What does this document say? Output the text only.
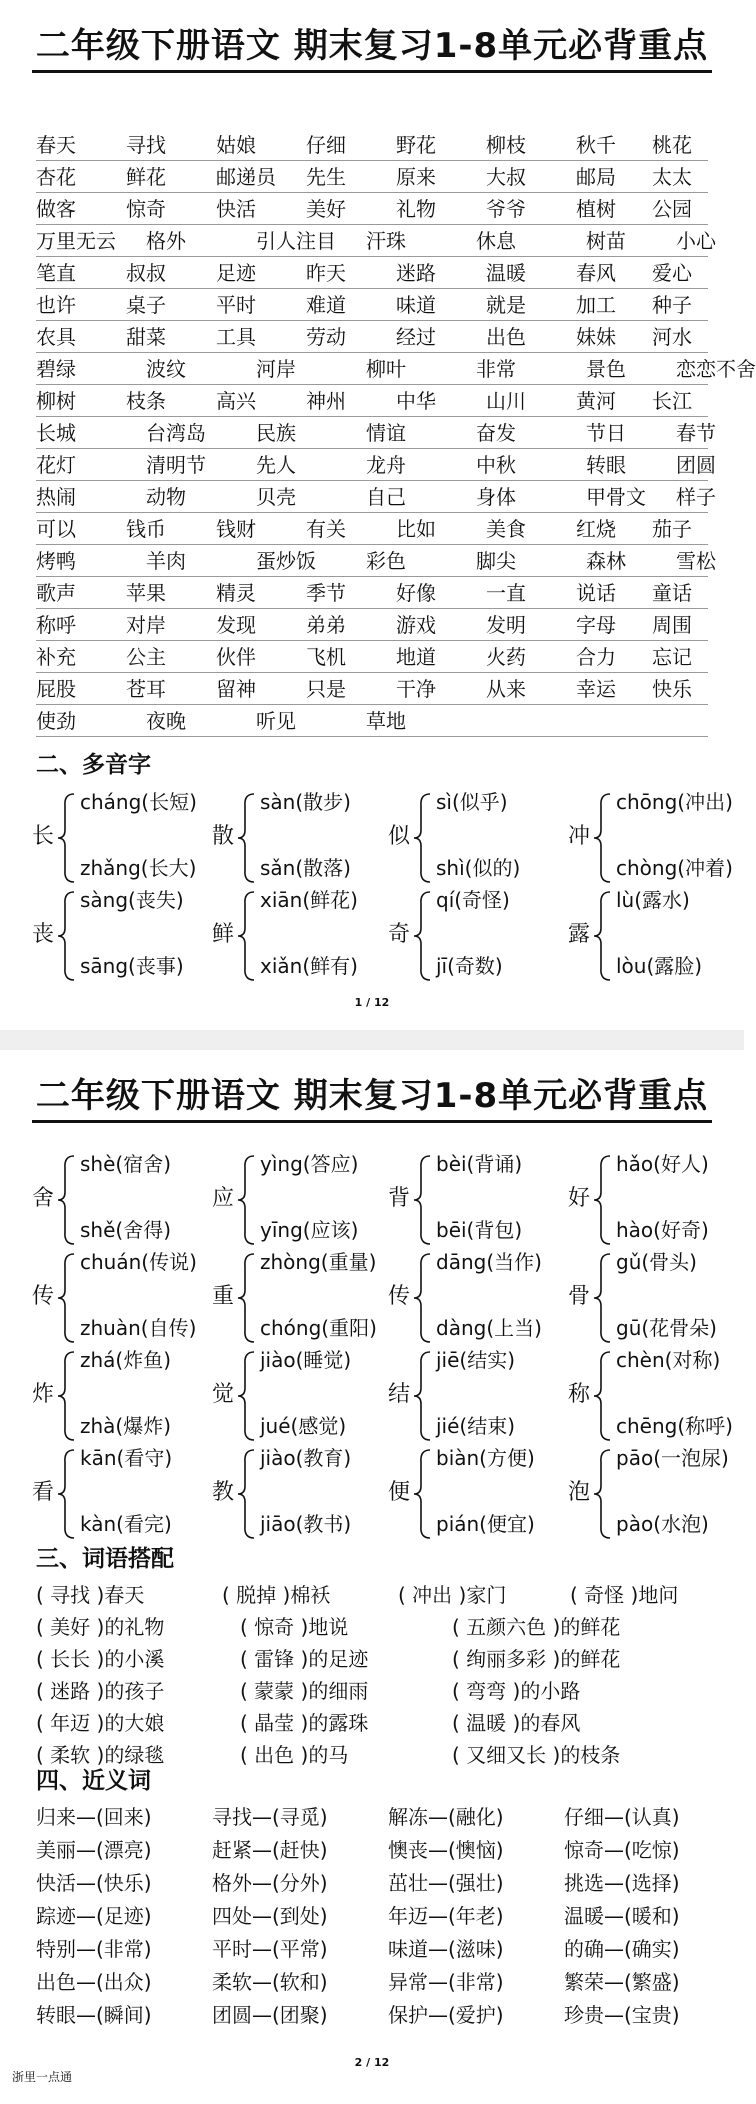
二年级下册语文 期末复习1-8单元必背重点
春天	寻找	姑娘	仔细	野花	柳枝	秋千 桃花
杏花	鲜花	邮递员 先生	原来	大叔	邮局 太太
做客	惊奇	快活	美好	礼物	爷爷	植树 公园
万里无云 格外	引人注目 汗珠	休息	树苗	小心
笔直	叔叔	足迹	昨天	迷路	温暖	春风 爱心
也许	桌子	平时	难道	味道	就是	加工 种子
农具	甜菜	工具	劳动	经过	出色	妹妹 河水
碧绿	波纹	河岸	柳叶	非常	景色	恋恋不舍
柳树	枝条	高兴	神州	中华	山川	黄河 长江
长城	台湾岛	民族	情谊	奋发	节日	春节
花灯	清明节	先人	龙舟	中秋	转眼	团圆
热闹	动物	贝壳	自己	身体	甲骨文 样子
可以	钱币	钱财	有关	比如	美食	红烧 茄子
烤鸭	羊肉	蛋炒饭	彩色	脚尖	森林	雪松
歌声	苹果	精灵	季节	好像	一直	说话 童话
称呼	对岸	发现	弟弟	游戏	发明	字母 周围
补充	公主	伙伴	飞机	地道	火药	合力 忘记
屁股	苍耳	留神	只是	干净	从来	幸运 快乐
使劲	夜晚	听见	草地
二、多音字
长
cháng(长短)
zhǎng(长大)
散
sàn(散步)
sǎn(散落)
似
sì(似乎)
shì(似的)
冲
chōng(冲出)
chòng(冲着)
丧
sàng(丧失)
sāng(丧事)
鲜
xiān(鲜花)
xiǎn(鲜有)
奇
qí(奇怪)
jī(奇数)
露
lù(露水)
lòu(露脸)
1 / 12
二年级下册语文 期末复习1-8单元必背重点
舍
shè(宿舍)
shě(舍得)
应
yìng(答应)
yīng(应该)
背
bèi(背诵)
bēi(背包)
好
hǎo(好人)
hào(好奇)
传
chuán(传说)
zhuàn(自传)
重
zhòng(重量)
chóng(重阳)
传
dāng(当作)
dàng(上当)
骨
gǔ(骨头)
gū(花骨朵)
炸
zhá(炸鱼)
zhà(爆炸)
觉
jiào(睡觉)
jué(感觉)
结
jiē(结实)
jié(结束)
称
chèn(对称)
chēng(称呼)
看
kān(看守)
kàn(看完)
教
jiào(教育)
jiāo(教书)
便
biàn(方便)
pián(便宜)
泡
pāo(一泡尿)
pào(水泡)
三、词语搭配
( 寻找 )春天	( 脱掉 )棉袄	( 冲出 )家门	( 奇怪 )地问
( 美好 )的礼物	( 惊奇 )地说	( 五颜六色 )的鲜花
( 长长 )的小溪	( 雷锋 )的足迹	( 绚丽多彩 )的鲜花
( 迷路 )的孩子	( 蒙蒙 )的细雨	( 弯弯 )的小路
( 年迈 )的大娘	( 晶莹 )的露珠	( 温暖 )的春风
( 柔软 )的绿毯	( 出色 )的马	( 又细又长 )的枝条
四、近义词
归来—(回来)	寻找—(寻觅)	解冻—(融化)	仔细—(认真)
美丽—(漂亮)	赶紧—(赶快)	懊丧—(懊恼)	惊奇—(吃惊)
快活—(快乐)	格外—(分外)	茁壮—(强壮)	挑选—(选择)
踪迹—(足迹)	四处—(到处)	年迈—(年老)	温暖—(暖和)
特别—(非常)	平时—(平常)	味道—(滋味)	的确—(确实)
出色—(出众)	柔软—(软和)	异常—(非常)	繁荣—(繁盛)
转眼—(瞬间)	团圆—(团聚)	保护—(爱护)	珍贵—(宝贵)
2 / 12
浙里一点通
